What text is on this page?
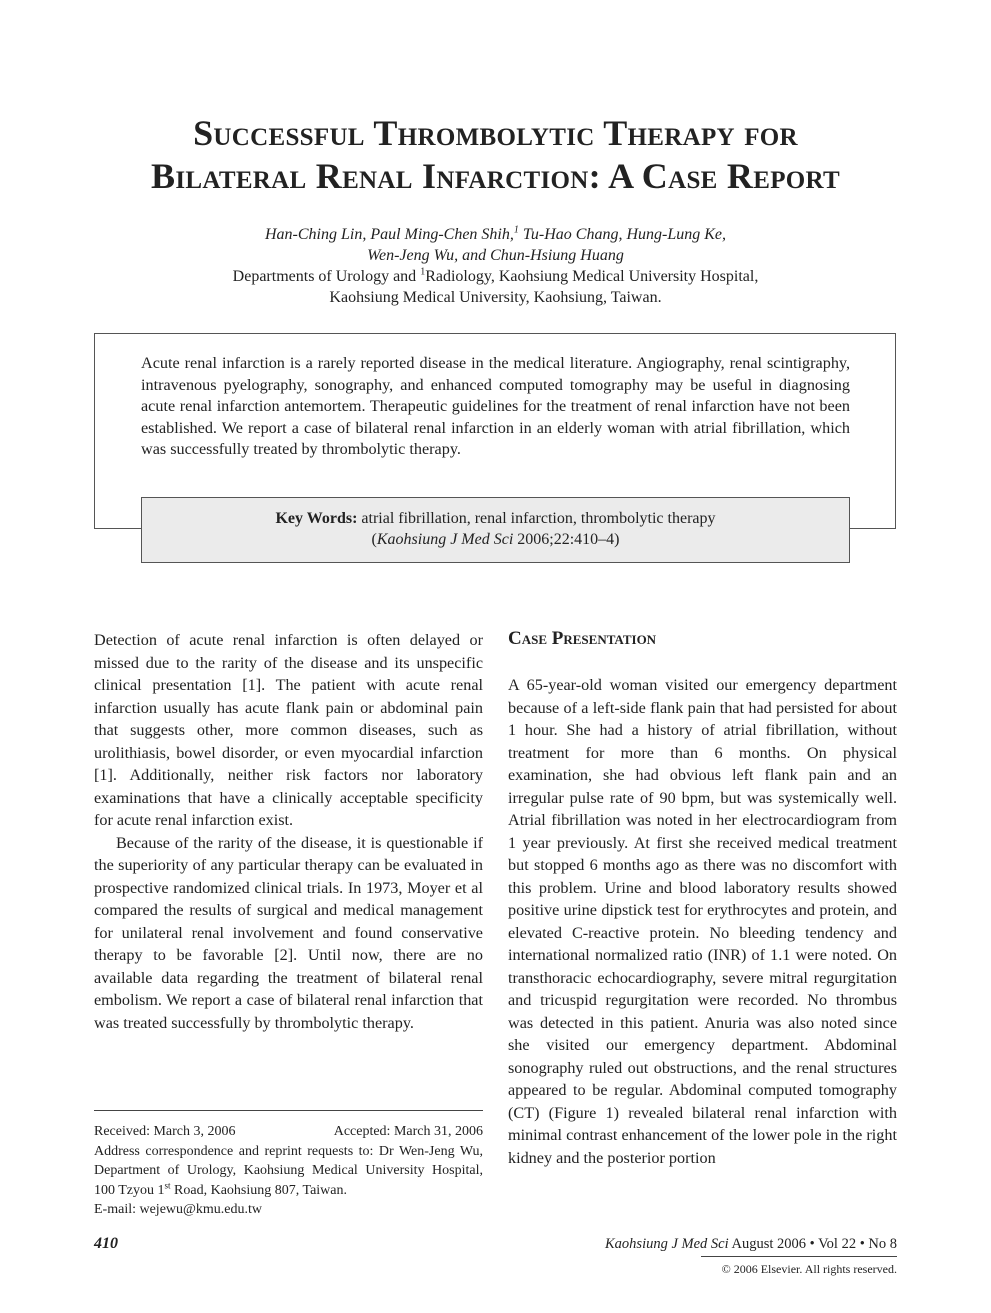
Successful Thrombolytic Therapy for
Bilateral Renal Infarction: A Case Report
Han-Ching Lin, Paul Ming-Chen Shih,$^1$ Tu-Hao Chang, Hung-Lung Ke,
Wen-Jeng Wu, and Chun-Hsiung Huang
Departments of Urology and $^1$Radiology, Kaohsiung Medical University Hospital,
Kaohsiung Medical University, Kaohsiung, Taiwan.
Acute renal infarction is a rarely reported disease in the medical literature. Angiography, renal scintigraphy, intravenous pyelography, sonography, and enhanced computed tomography may be useful in diagnosing acute renal infarction antemortem. Therapeutic guidelines for the treatment of renal infarction have not been established. We report a case of bilateral renal infarction in an elderly woman with atrial fibrillation, which was successfully treated by thrombolytic therapy.
Key Words: atrial fibrillation, renal infarction, thrombolytic therapy
(Kaohsiung J Med Sci 2006;22:410–4)

Detection of acute renal infarction is often delayed or missed due to the rarity of the disease and its unspecific clinical presentation [1]. The patient with acute renal infarction usually has acute flank pain or abdominal pain that suggests other, more common diseases, such as urolithiasis, bowel disorder, or even myocardial infarction [1]. Additionally, neither risk factors nor laboratory examinations that have a clinically acceptable specificity for acute renal infarction exist.

Because of the rarity of the disease, it is questionable if the superiority of any particular therapy can be evaluated in prospective randomized clinical trials. In 1973, Moyer et al compared the results of surgical and medical management for unilateral renal involvement and found conservative therapy to be favorable [2]. Until now, there are no available data regarding the treatment of bilateral renal embolism. We report a case of bilateral renal infarction that was treated successfully by thrombolytic therapy.

Case Presentation

A 65-year-old woman visited our emergency department because of a left-side flank pain that had persisted for about 1 hour. She had a history of atrial fibrillation, without treatment for more than 6 months. On physical examination, she had obvious left flank pain and an irregular pulse rate of 90 bpm, but was systemically well. Atrial fibrillation was noted in her electrocardiogram from 1 year previously. At first she received medical treatment but stopped 6 months ago as there was no discomfort with this problem. Urine and blood laboratory results showed positive urine dipstick test for erythrocytes and protein, and elevated C-reactive protein. No bleeding tendency and international normalized ratio (INR) of 1.1 were noted. On transthoracic echocardiography, severe mitral regurgitation and tricuspid regurgitation were recorded. No thrombus was detected in this patient. Anuria was also noted since she visited our emergency department. Abdominal sonography ruled out obstructions, and the renal structures appeared to be regular. Abdominal computed tomography (CT) (Figure 1) revealed bilateral renal infarction with minimal contrast enhancement of the lower pole in the right kidney and the posterior portion

Received: March 3, 2006	Accepted: March 31, 2006
Address correspondence and reprint requests to: Dr Wen-Jeng Wu, Department of Urology, Kaohsiung Medical University Hospital, 100 Tzyou 1st Road, Kaohsiung 807, Taiwan.
E-mail: wejewu@kmu.edu.tw
410	Kaohsiung J Med Sci August 2006 • Vol 22 • No 8
© 2006 Elsevier. All rights reserved.
